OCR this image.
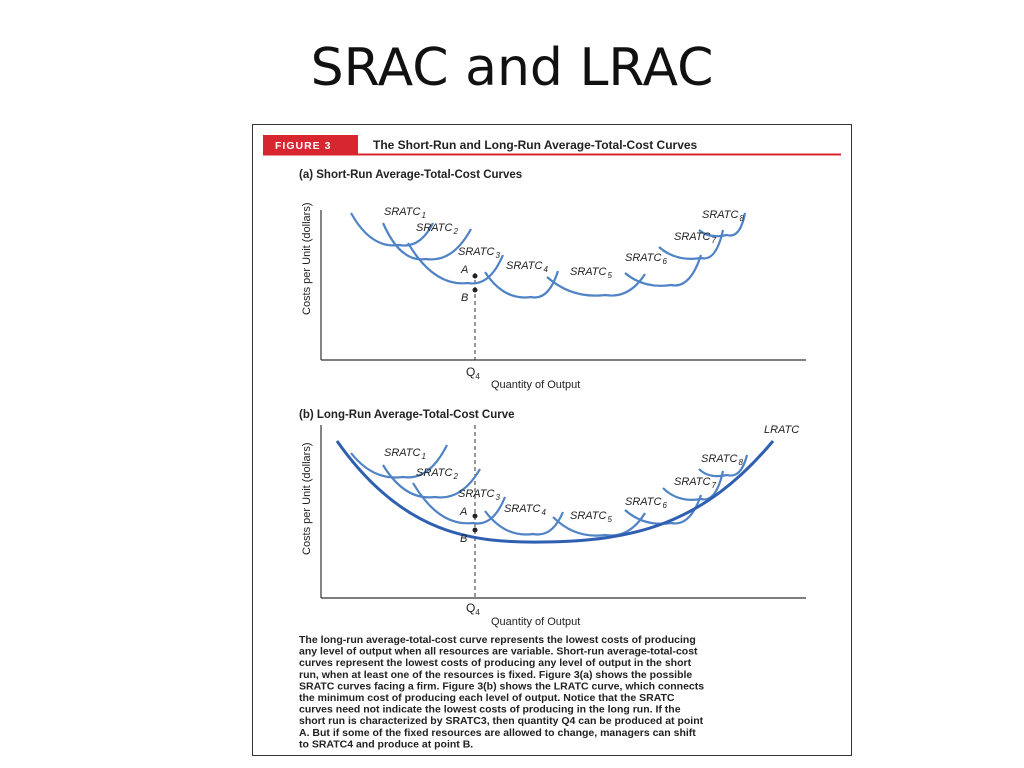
SRAC and LRAC
FIGURE 3	The Short-Run and Long-Run Average-Total-Cost Curves
(a) Short-Run Average-Total-Cost Curves
Costs per Unit (dollars)	$SRATC_1$
$SRATC_2$
$SRATC_3$
$SRATC_4$ $SRATC_5$
$SRATC_6$
$SRATC_7$
$SRATC_8$
A
B
$Q_4$
Quantity of Output
(b) Long-Run Average-Total-Cost Curve
Costs per Unit (dollars)	$SRATC_1$
$SRATC_2$
$SRATC_3$
$SRATC_4$ $SRATC_5$
$SRATC_6$
$SRATC_7$
$SRATC_8$
LRATC
A
B
$Q_4$
Quantity of Output
The long-run average-total-cost curve represents the lowest costs of producing
any level of output when all resources are variable. Short-run average-total-cost
curves represent the lowest costs of producing any level of output in the short
run, when at least one of the resources is fixed. Figure 3(a) shows the possible
SRATC curves facing a firm. Figure 3(b) shows the LRATC curve, which connects
the minimum cost of producing each level of output. Notice that the SRATC
curves need not indicate the lowest costs of producing in the long run. If the
short run is characterized by SRATC3, then quantity Q4 can be produced at point
A. But if some of the fixed resources are allowed to change, managers can shift
to SRATC4 and produce at point B.
